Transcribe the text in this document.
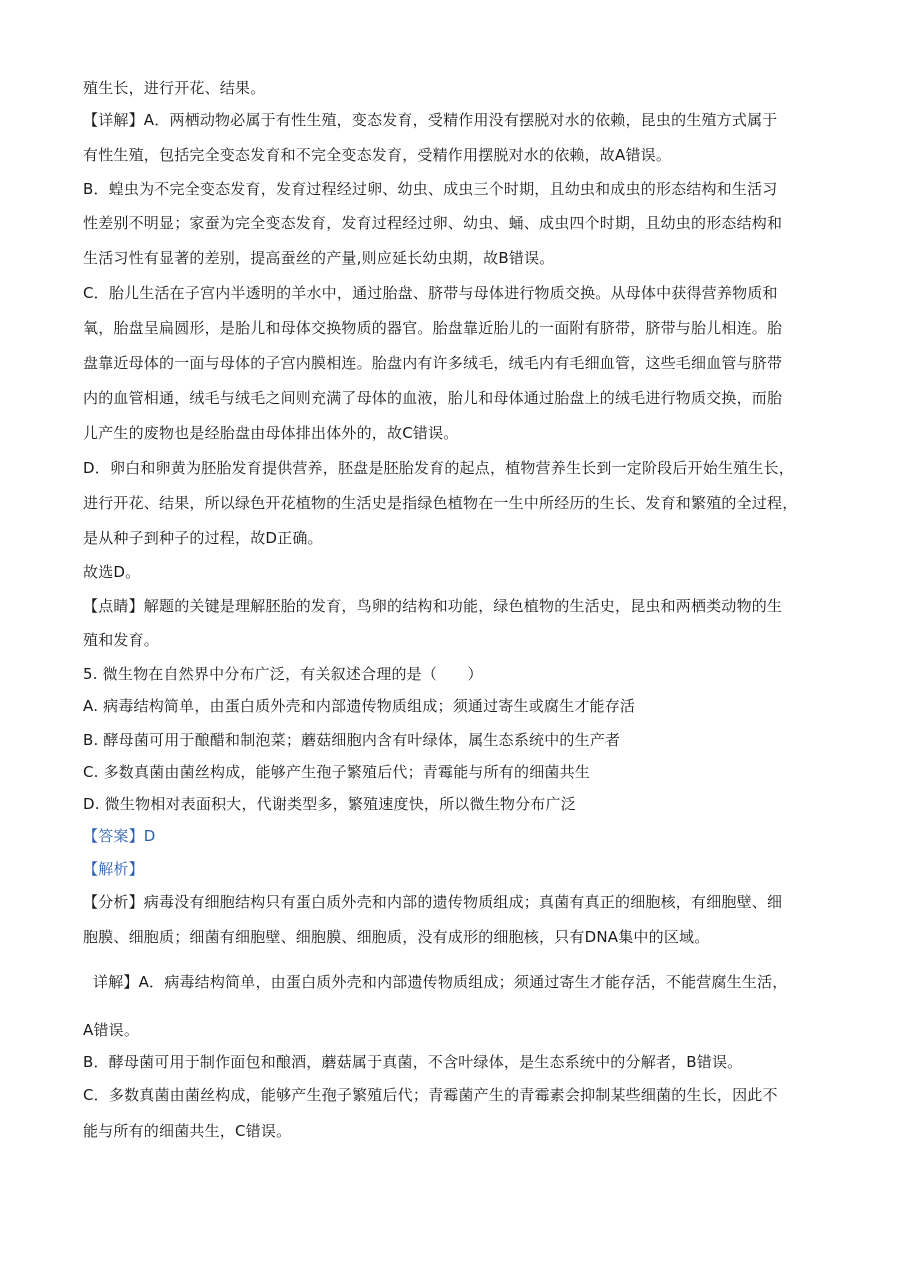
殖生长，进行开花、结果。
【详解】A．两栖动物必属于有性生殖，变态发育，受精作用没有摆脱对水的依赖，昆虫的生殖方式属于
有性生殖，包括完全变态发育和不完全变态发育，受精作用摆脱对水的依赖，故A错误。
B．蝗虫为不完全变态发育，发育过程经过卵、幼虫、成虫三个时期，且幼虫和成虫的形态结构和生活习
性差别不明显；家蚕为完全变态发育，发育过程经过卵、幼虫、蛹、成虫四个时期，且幼虫的形态结构和
生活习性有显著的差别，提高蚕丝的产量,则应延长幼虫期，故B错误。
C．胎儿生活在子宫内半透明的羊水中，通过胎盘、脐带与母体进行物质交换。从母体中获得营养物质和
氧，胎盘呈扁圆形，是胎儿和母体交换物质的器官。胎盘靠近胎儿的一面附有脐带，脐带与胎儿相连。胎
盘靠近母体的一面与母体的子宫内膜相连。胎盘内有许多绒毛，绒毛内有毛细血管，这些毛细血管与脐带
内的血管相通，绒毛与绒毛之间则充满了母体的血液，胎儿和母体通过胎盘上的绒毛进行物质交换，而胎
儿产生的废物也是经胎盘由母体排出体外的，故C错误。
D．卵白和卵黄为胚胎发育提供营养，胚盘是胚胎发育的起点，植物营养生长到一定阶段后开始生殖生长，
进行开花、结果，所以绿色开花植物的生活史是指绿色植物在一生中所经历的生长、发育和繁殖的全过程，
是从种子到种子的过程，故D正确。
故选D。
【点睛】解题的关键是理解胚胎的发育，鸟卵的结构和功能，绿色植物的生活史，昆虫和两栖类动物的生
殖和发育。
5. 微生物在自然界中分布广泛，有关叙述合理的是（　　）
A. 病毒结构简单，由蛋白质外壳和内部遗传物质组成；须通过寄生或腐生才能存活
B. 酵母菌可用于酿醋和制泡菜；蘑菇细胞内含有叶绿体，属生态系统中的生产者
C. 多数真菌由菌丝构成，能够产生孢子繁殖后代；青霉能与所有的细菌共生
D. 微生物相对表面积大，代谢类型多，繁殖速度快，所以微生物分布广泛
【答案】D
【解析】
【分析】病毒没有细胞结构只有蛋白质外壳和内部的遗传物质组成；真菌有真正的细胞核，有细胞壁、细
胞膜、细胞质；细菌有细胞壁、细胞膜、细胞质，没有成形的细胞核，只有DNA集中的区域。
详解】A．病毒结构简单，由蛋白质外壳和内部遗传物质组成；须通过寄生才能存活，不能营腐生生活，
A错误。
B．酵母菌可用于制作面包和酿酒，蘑菇属于真菌，不含叶绿体，是生态系统中的分解者，B错误。
C．多数真菌由菌丝构成，能够产生孢子繁殖后代；青霉菌产生的青霉素会抑制某些细菌的生长，因此不
能与所有的细菌共生，C错误。
